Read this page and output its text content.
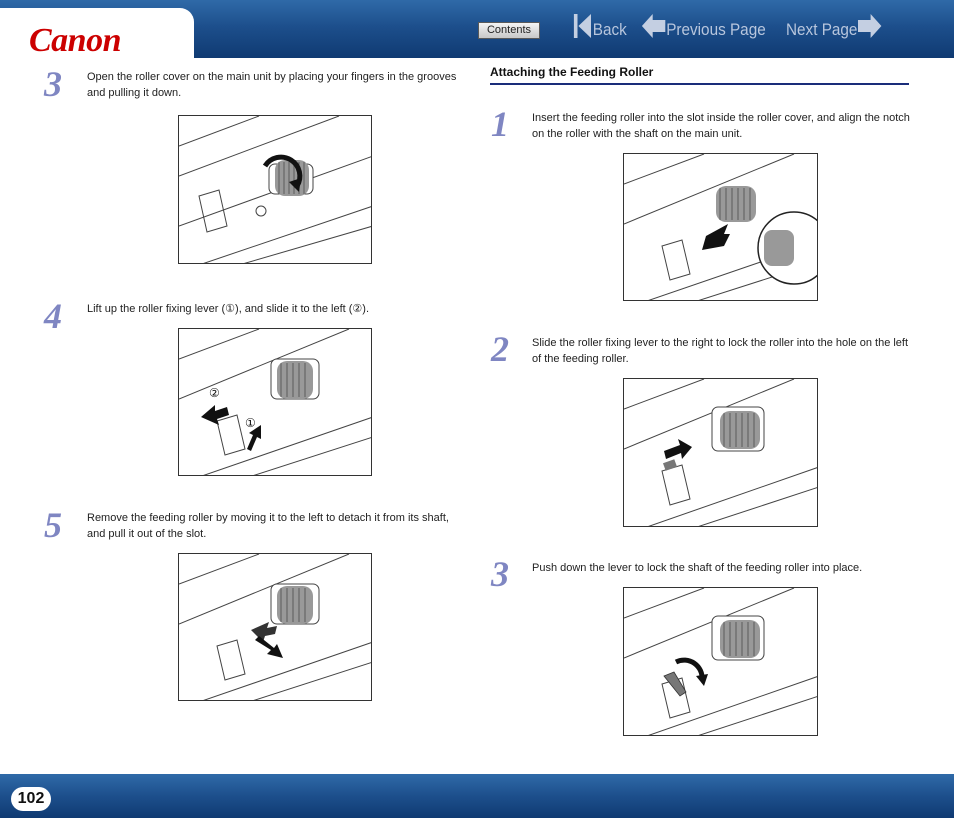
Canon	Contents	Back Previous Page Next Page
3 Open the roller cover on the main unit by placing your fingers in the grooves and pulling it down.
4 Lift up the roller fixing lever (①), and slide it to the left (②).
②
①
5 Remove the feeding roller by moving it to the left to detach it from its shaft, and pull it out of the slot.
Attaching the Feeding Roller
1 Insert the feeding roller into the slot inside the roller cover, and align the notch on the roller with the shaft on the main unit.
2 Slide the roller fixing lever to the right to lock the roller into the hole on the left of the feeding roller.
3 Push down the lever to lock the shaft of the feeding roller into place.
102
